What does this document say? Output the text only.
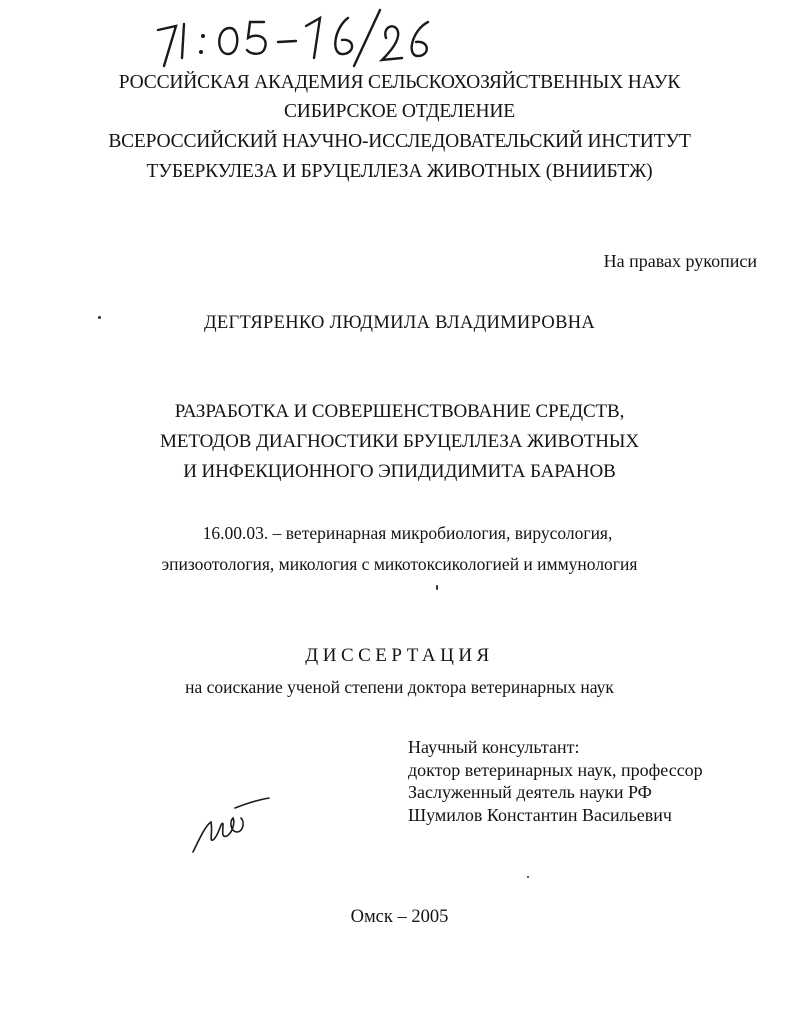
РОССИЙСКАЯ АКАДЕМИЯ СЕЛЬСКОХОЗЯЙСТВЕННЫХ НАУК
СИБИРСКОЕ ОТДЕЛЕНИЕ
ВСЕРОССИЙСКИЙ НАУЧНО-ИССЛЕДОВАТЕЛЬСКИЙ ИНСТИТУТ
ТУБЕРКУЛЕЗА И БРУЦЕЛЛЕЗА ЖИВОТНЫХ (ВНИИБТЖ)
На правах рукописи
ДЕГТЯРЕНКО ЛЮДМИЛА ВЛАДИМИРОВНА
РАЗРАБОТКА И СОВЕРШЕНСТВОВАНИЕ СРЕДСТВ,
МЕТОДОВ ДИАГНОСТИКИ БРУЦЕЛЛЕЗА ЖИВОТНЫХ
И ИНФЕКЦИОННОГО ЭПИДИДИМИТА БАРАНОВ
16.00.03. – ветеринарная микробиология, вирусология,
эпизоотология, микология с микотоксикологией и иммунология
ДИССЕРТАЦИЯ
на соискание ученой степени доктора ветеринарных наук
Научный консультант:
доктор ветеринарных наук, профессор
Заслуженный деятель науки РФ
Шумилов Константин Васильевич
Омск – 2005
